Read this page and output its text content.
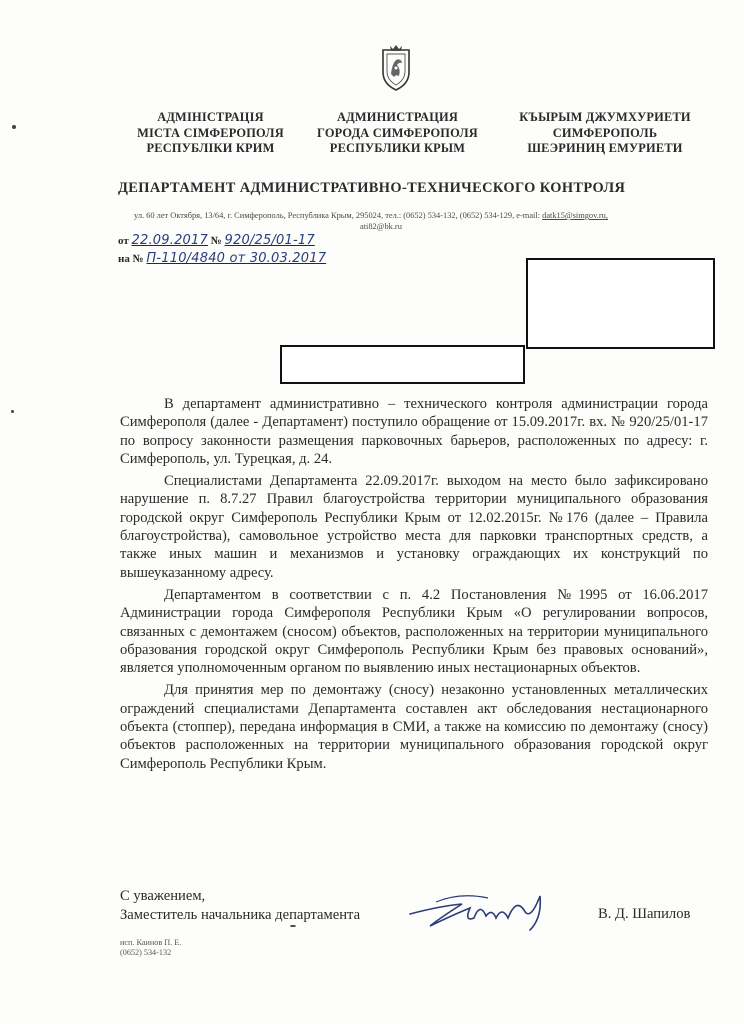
АДМІНІСТРАЦІЯ
МІСТА СІМФЕРОПОЛЯ
РЕСПУБЛІКИ КРИМ
АДМИНИСТРАЦИЯ
ГОРОДА СИМФЕРОПОЛЯ
РЕСПУБЛИКИ КРЫМ
КЪЫРЫМ ДЖУМХУРИЕТИ
СИМФЕРОПОЛЬ
ШЕЭРИНИҢ ЕМУРИЕТИ
ДЕПАРТАМЕНТ АДМИНИСТРАТИВНО-ТЕХНИЧЕСКОГО КОНТРОЛЯ
ул. 60 лет Октября, 13/64, г. Симферополь, Республика Крым, 295024, тел.: (0652) 534-132, (0652) 534-129, e-mail: datk15@simgov.ru,
ati82@bk.ru
от 22.09.2017 № 920/25/01-17
на № П-110/4840 от 30.03.2017

В департамент административно – технического контроля администрации города Симферополя (далее - Департамент) поступило обращение от 15.09.2017г. вх. № 920/25/01-17 по вопросу законности размещения парковочных барьеров, расположенных по адресу: г. Симферополь, ул. Турецкая, д. 24.

Специалистами Департамента 22.09.2017г. выходом на место было зафиксировано нарушение п. 8.7.27 Правил благоустройства территории муниципального образования городской округ Симферополь Республики Крым от 12.02.2015г. №176 (далее – Правила благоустройства), самовольное устройство места для парковки транспортных средств, а также иных машин и механизмов и установку ограждающих их конструкций по вышеуказанному адресу.

Департаментом в соответствии с п. 4.2 Постановления №1995 от 16.06.2017 Администрации города Симферополя Республики Крым «О регулировании вопросов, связанных с демонтажем (сносом) объектов, расположенных на территории муниципального образования городской округ Симферополь Республики Крым без правовых оснований», является уполномоченным органом по выявлению иных нестационарных объектов.

Для принятия мер по демонтажу (сносу) незаконно установленных металлических ограждений специалистами Департамента составлен акт обследования нестационарного объекта (стоппер), передана информация в СМИ, а также на комиссию по демонтажу (сносу) объектов расположенных на территории муниципального образования городской округ Симферополь Республики Крым.

С уважением,
Заместитель начальника департамента	В. Д. Шапилов
исп. Каинов П. Е.
(0652) 534-132
